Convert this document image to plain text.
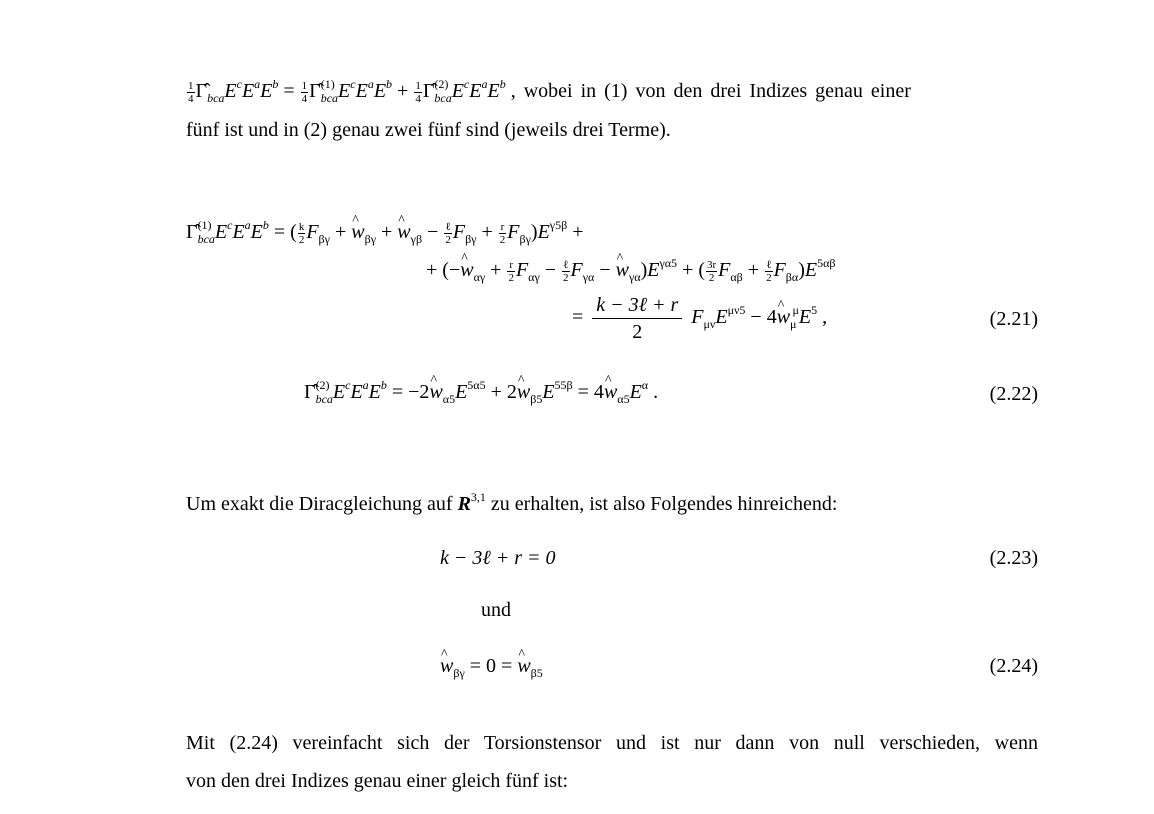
$\frac{1}{4}$ $\Gammâ_{bca}E^cE^aE^b = \frac{1}{4}$ $\Gammâ^{(1)}_{bca}E^cE^aE^b + \frac{1}{4}$ $\Gammâ^{(2)}_{bca}E^cE^aE^b$ , wobei in (1) von den drei Indizes genau einer
fünf ist und in (2) genau zwei fünf sind (jeweils drei Terme).
$\Gammâ^{(1)}_{bca}E^cE^aE^b$ = ( $\frac{k}{2} F_{\beta\gamma}$ + ^ $w_{\beta\gamma}$ + ^ $w_{\gamma\beta} - \frac{\text{ℓ}}{2} F_{\beta\gamma} + \frac{r}{2} F_{\beta\gamma})E^{\gamma 5\beta}$ +
+ (−^ $w_{\alpha\gamma} + \frac{r}{2} F_{\alpha\gamma} - \frac{\text{ℓ}}{2} F_{\gamma\alpha}$ − ^ $w_{\gamma\alpha})E^{\gamma\alpha 5}$ + ( $\frac{3r}{2} F_{\alpha\beta} + \frac{\text{ℓ}}{2} F_{\beta\alpha})E^{5\alpha\beta}$
=
k − 3ℓ + r
2
$F_{\mu\nu}E^{\mu\nu 5}$ − 4^ $w_\mu^\mu E^5$ ,	(2.21)
$\Gammâ^{(2)}_{bca}E^cE^aE^b$ = −2^ $w_{\alpha 5}E^{5\alpha 5}$ + 2^ $w_{\beta 5}E^{55\beta}$ = 4^ $w_{\alpha 5}E^\alpha$ .	(2.22)
Um exakt die Diracgleichung auf R$^{3,1}$ zu erhalten, ist also Folgendes hinreichend:
k − 3ℓ + r = 0	(2.23)
und
^ $w_{\beta\gamma} = 0$ = ^ $w_{\beta 5}$	(2.24)
Mit (2.24) vereinfacht sich der Torsionstensor und ist nur dann von null verschieden, wenn
von den drei Indizes genau einer gleich fünf ist:
